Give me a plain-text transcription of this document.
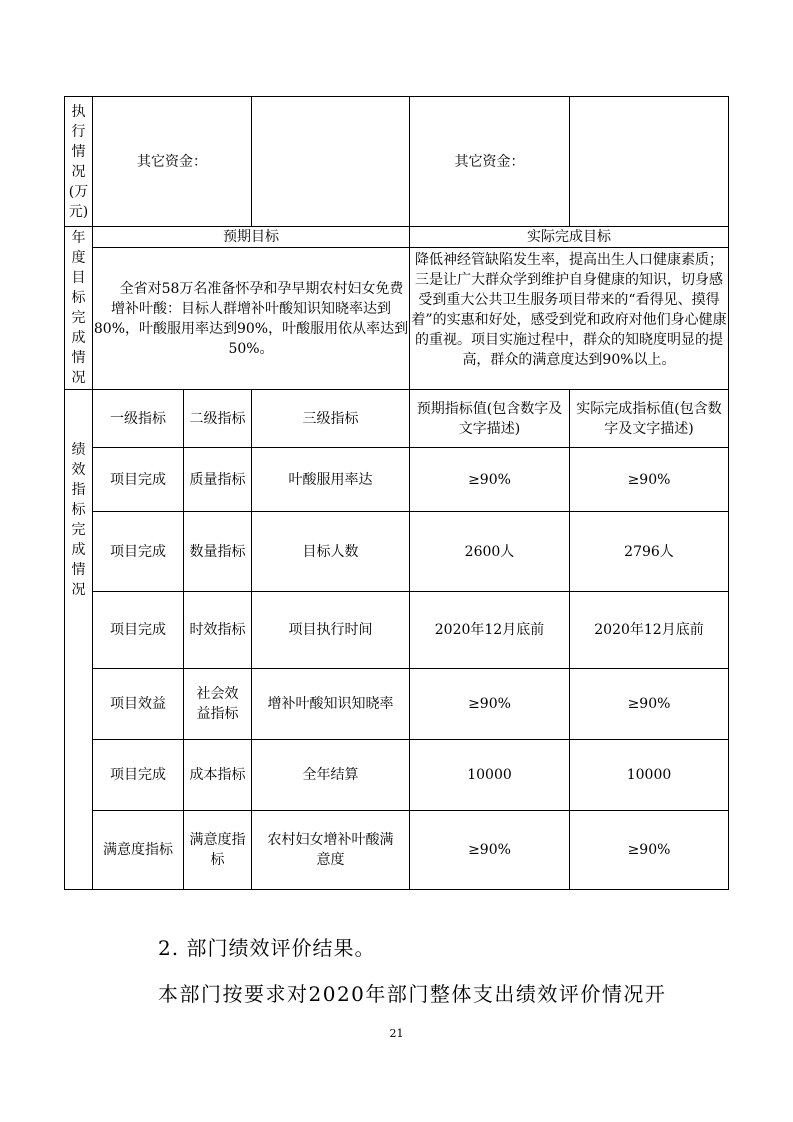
执行情况(万元)	其它资金：			其它资金：	
年度目标完成情况	预期目标			实际完成目标	
	全省对58万名准备怀孕和孕早期农村妇女免费增补叶酸：目标人群增补叶酸知识知晓率达到80%，叶酸服用率达到90%，叶酸服用依从率达到50%。			降低神经管缺陷发生率，提高出生人口健康素质；三是让广大群众学到维护自身健康的知识，切身感受到重大公共卫生服务项目带来的“看得见、摸得着”的实惠和好处，感受到党和政府对他们身心健康的重视。项目实施过程中，群众的知晓度明显的提高，群众的满意度达到90%以上。	
绩效指标完成情况	一级指标	二级指标	三级指标	预期指标值(包含数字及文字描述)	实际完成指标值(包含数字及文字描述)
	项目完成	质量指标	叶酸服用率达	≥90%	≥90%
	项目完成	数量指标	目标人数	2600人	2796人
	项目完成	时效指标	项目执行时间	2020年12月底前	2020年12月底前
	项目效益	社会效益指标	增补叶酸知识知晓率	≥90%	≥90%
	项目完成	成本指标	全年结算	10000	10000
	满意度指标	满意度指标	农村妇女增补叶酸满意度	≥90%	≥90%
2. 部门绩效评价结果。
本部门按要求对2020年部门整体支出绩效评价情况开
21
